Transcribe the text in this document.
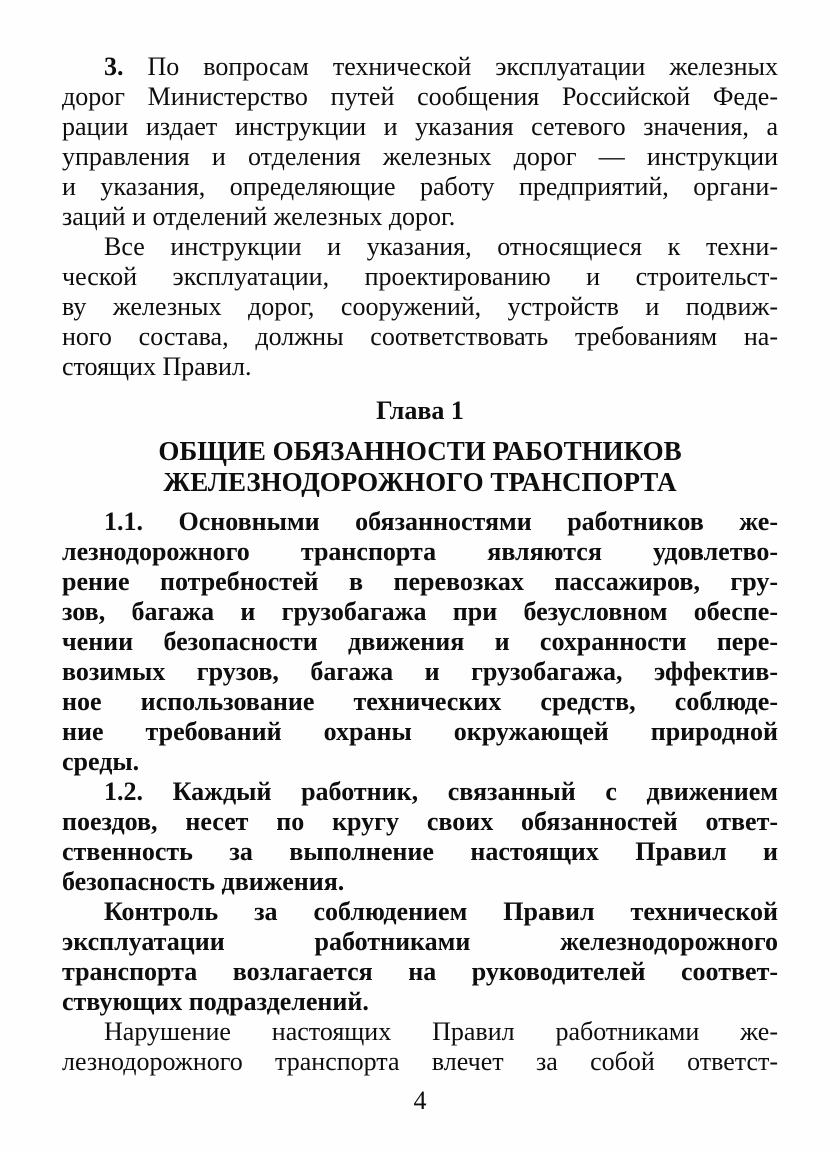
3. По вопросам технической эксплуатации железных
дорог Министерство путей сообщения Российской Феде-
рации издает инструкции и указания сетевого значения, а
управления и отделения железных дорог — инструкции
и указания, определяющие работу предприятий, органи-
заций и отделений железных дорог.
Все инструкции и указания, относящиеся к техни-
ческой эксплуатации, проектированию и строительст-
ву железных дорог, сооружений, устройств и подвиж-
ного состава, должны соответствовать требованиям на-
стоящих Правил.
Глава 1
ОБЩИЕ ОБЯЗАННОСТИ РАБОТНИКОВ
ЖЕЛЕЗНОДОРОЖНОГО ТРАНСПОРТА
1.1. Основными обязанностями работников же-
лезнодорожного транспорта являются удовлетво-
рение потребностей в перевозках пассажиров, гру-
зов, багажа и грузобагажа при безусловном обеспе-
чении безопасности движения и сохранности пере-
возимых грузов, багажа и грузобагажа, эффектив-
ное использование технических средств, соблюде-
ние требований охраны окружающей природной
среды.
1.2. Каждый работник, связанный с движением
поездов, несет по кругу своих обязанностей ответ-
ственность за выполнение настоящих Правил и
безопасность движения.
Контроль за соблюдением Правил технической
эксплуатации работниками железнодорожного
транспорта возлагается на руководителей соответ-
ствующих подразделений.
Нарушение настоящих Правил работниками же-
лезнодорожного транспорта влечет за собой ответст-
4
